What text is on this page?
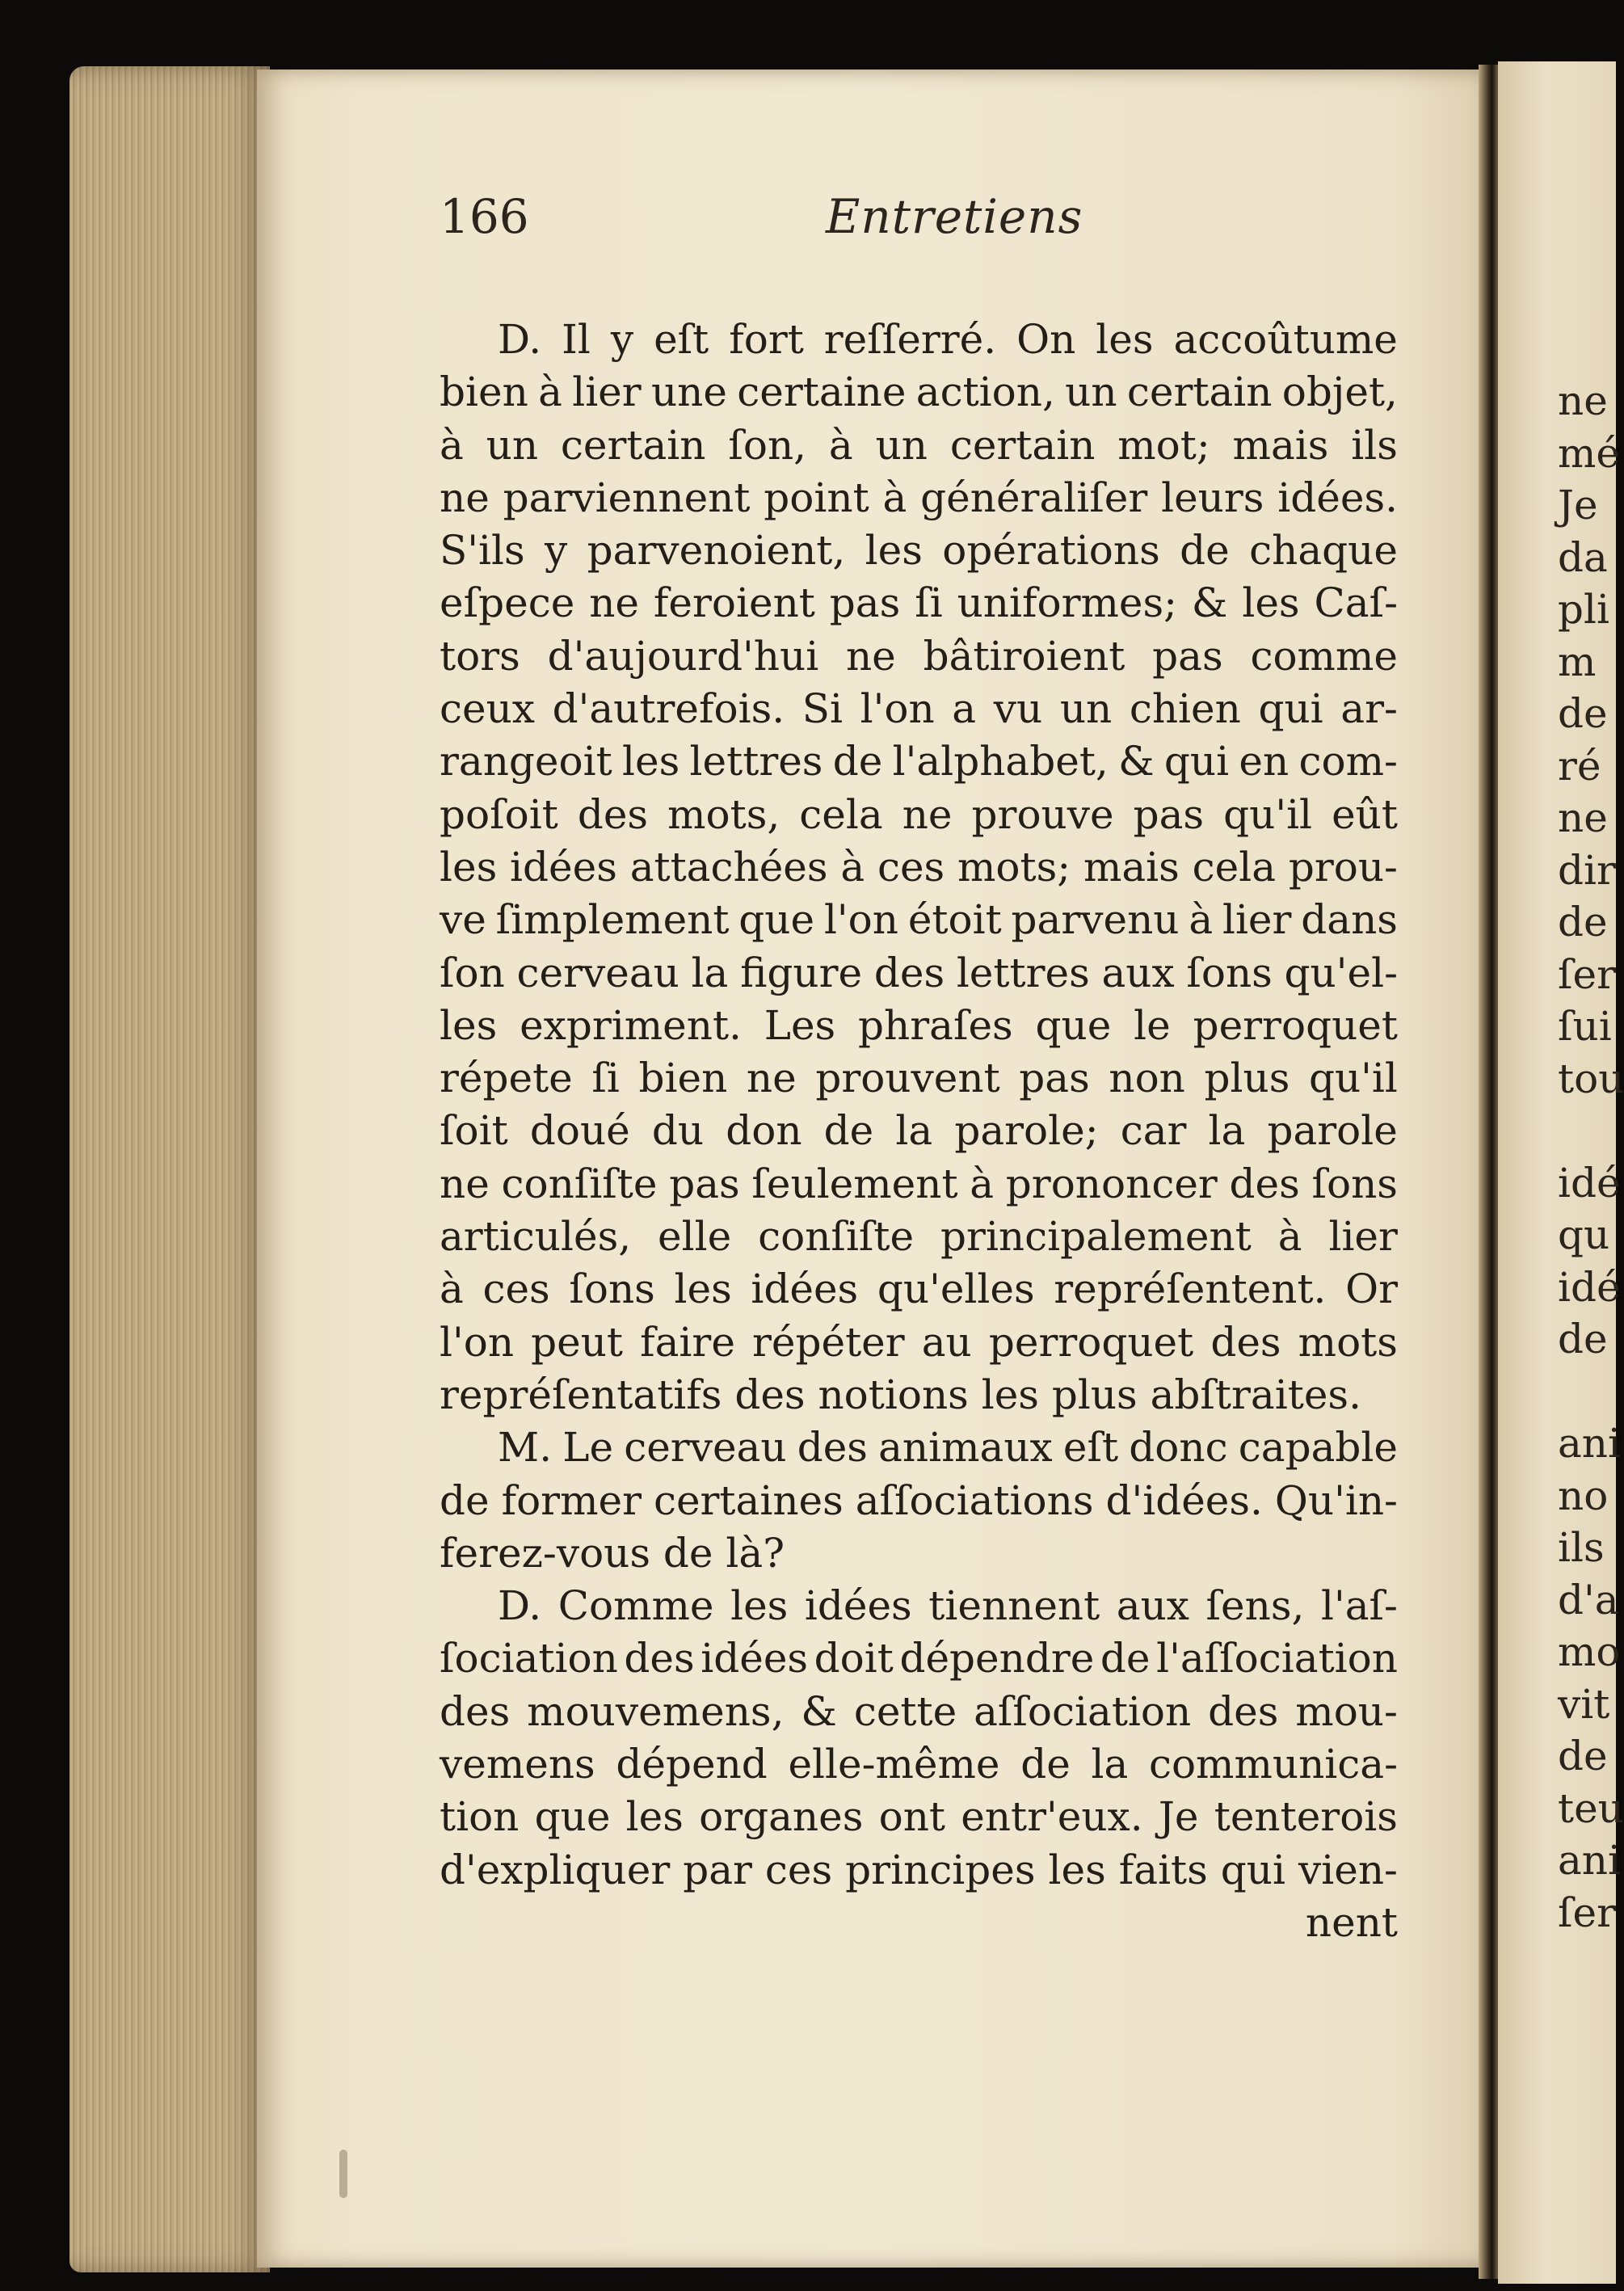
ne
mé
Je
da
pli
m
de
ré
ne
dir
de
ſer
ſui
tou
idé
qu
idé
de
ani
no
ils
d'a
mo
vit
de
teu
ani
ſer
166	Entretiens
D. Il y eſt fort reſſerré. On les accoûtume
bien à lier une certaine action, un certain objet,
à un certain ſon, à un certain mot; mais ils
ne parviennent point à généraliſer leurs idées.
S'ils y parvenoient, les opérations de chaque
eſpece ne feroient pas ſi uniformes; & les Caſ-
tors d'aujourd'hui ne bâtiroient pas comme
ceux d'autrefois. Si l'on a vu un chien qui ar-
rangeoit les lettres de l'alphabet, & qui en com-
poſoit des mots, cela ne prouve pas qu'il eût
les idées attachées à ces mots; mais cela prou-
ve ſimplement que l'on étoit parvenu à lier dans
ſon cerveau la figure des lettres aux ſons qu'el-
les expriment. Les phraſes que le perroquet
répete ſi bien ne prouvent pas non plus qu'il
ſoit doué du don de la parole; car la parole
ne conſiſte pas ſeulement à prononcer des ſons
articulés, elle conſiſte principalement à lier
à ces ſons les idées qu'elles repréſentent. Or
l'on peut faire répéter au perroquet des mots
repréſentatifs des notions les plus abſtraites.
M. Le cerveau des animaux eſt donc capable
de former certaines aſſociations d'idées. Qu'in-
ferez-vous de là?
D. Comme les idées tiennent aux ſens, l'aſ-
ſociation des idées doit dépendre de l'aſſociation
des mouvemens, & cette aſſociation des mou-
vemens dépend elle-même de la communica-
tion que les organes ont entr'eux. Je tenterois
d'expliquer par ces principes les faits qui vien-
nent
